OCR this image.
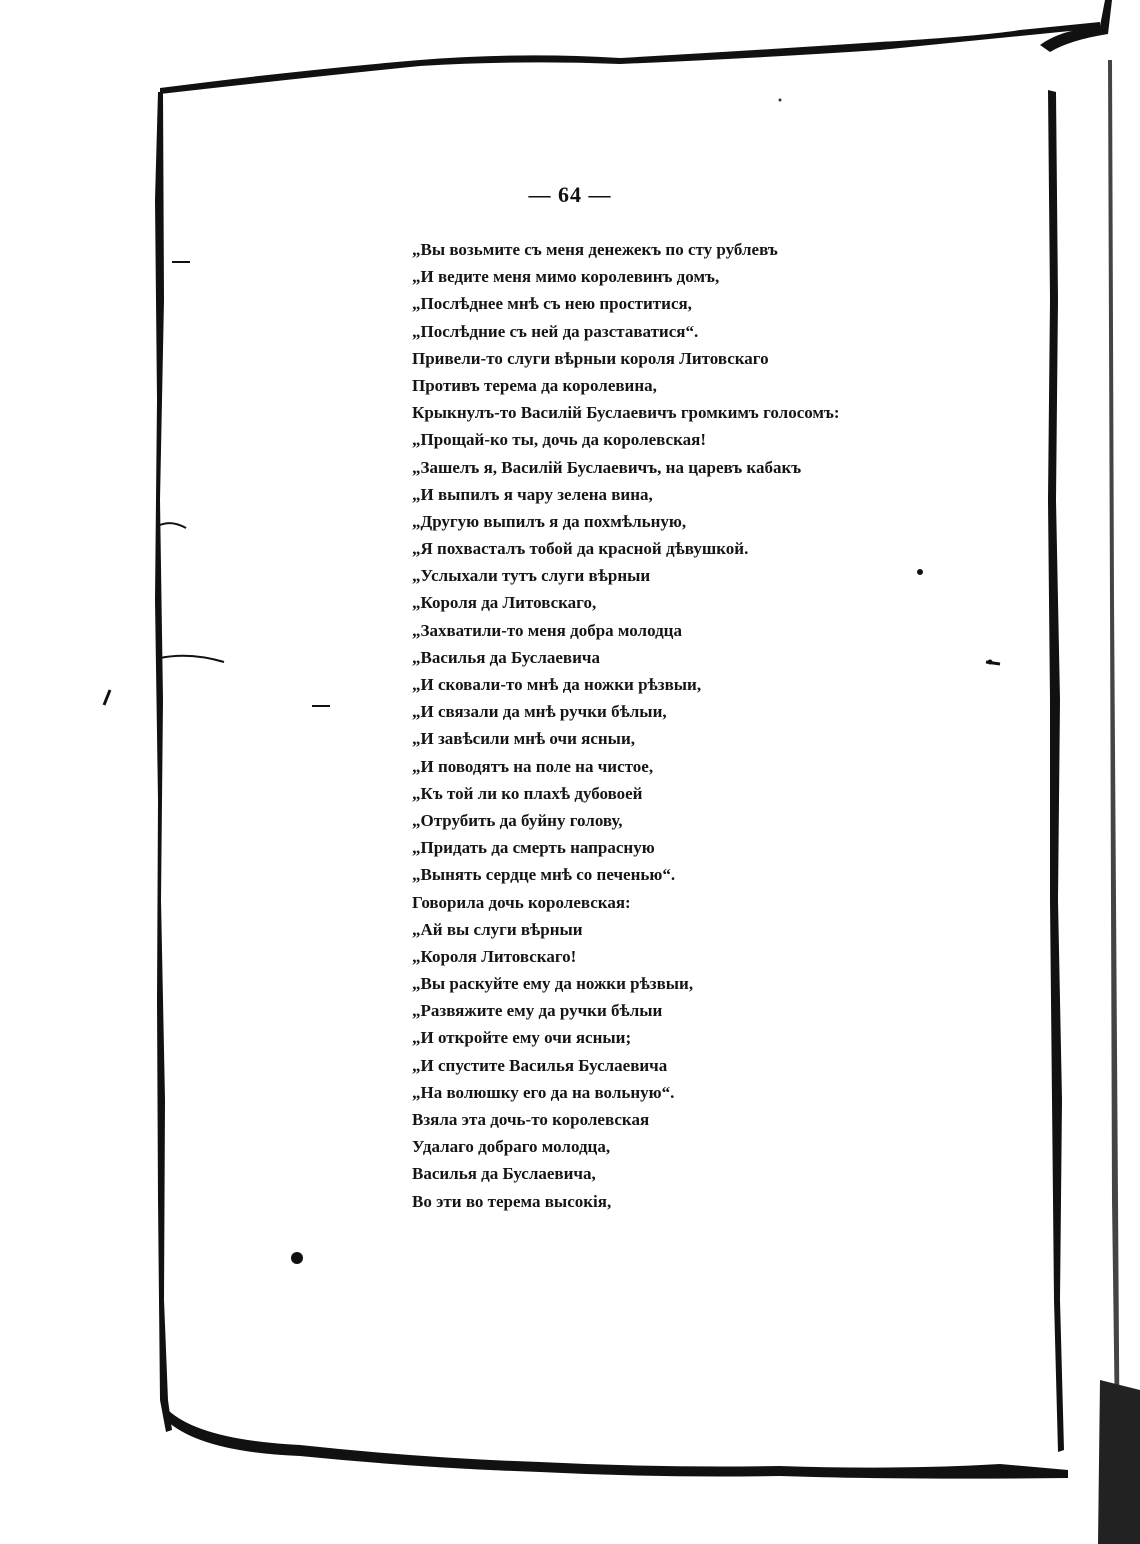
— 64 —
„Вы возьмите съ меня денежекъ по сту рублевъ
„И ведите меня мимо королевинъ домъ,
„Послѣднее мнѣ съ нею проститися,
„Послѣдние съ ней да разставатися“.
Привели-то слуги вѣрныи короля Литовскаго
Противъ терема да королевина,
Крыкнулъ-то Василій Буслаевичъ громкимъ голосомъ:
„Прощай-ко ты, дочь да королевская!
„Зашелъ я, Василій Буслаевичъ, на царевъ кабакъ
„И выпилъ я чару зелена вина,
„Другую выпилъ я да похмѣльную,
„Я похвасталъ тобой да красной дѣвушкой.
„Услыхали тутъ слуги вѣрныи
„Короля да Литовскаго,
„Захватили-то меня добра молодца
„Василья да Буслаевича
„И сковали-то мнѣ да ножки рѣзвыи,
„И связали да мнѣ ручки бѣлыи,
„И завѣсили мнѣ очи ясныи,
„И поводятъ на поле на чистое,
„Къ той ли ко плахѣ дубовоей
„Отрубить да буйну голову,
„Придать да смерть напрасную
„Вынять сердце мнѣ со печенью“.
Говорила дочь королевская:
„Ай вы слуги вѣрныи
„Короля Литовскаго!
„Вы раскуйте ему да ножки рѣзвыи,
„Развяжите ему да ручки бѣлыи
„И откройте ему очи ясныи;
„И спустите Василья Буслаевича
„На волюшку его да на вольную“.
Взяла эта дочь-то королевская
Удалаго добраго молодца,
Василья да Буслаевича,
Во эти во терема высокія,
